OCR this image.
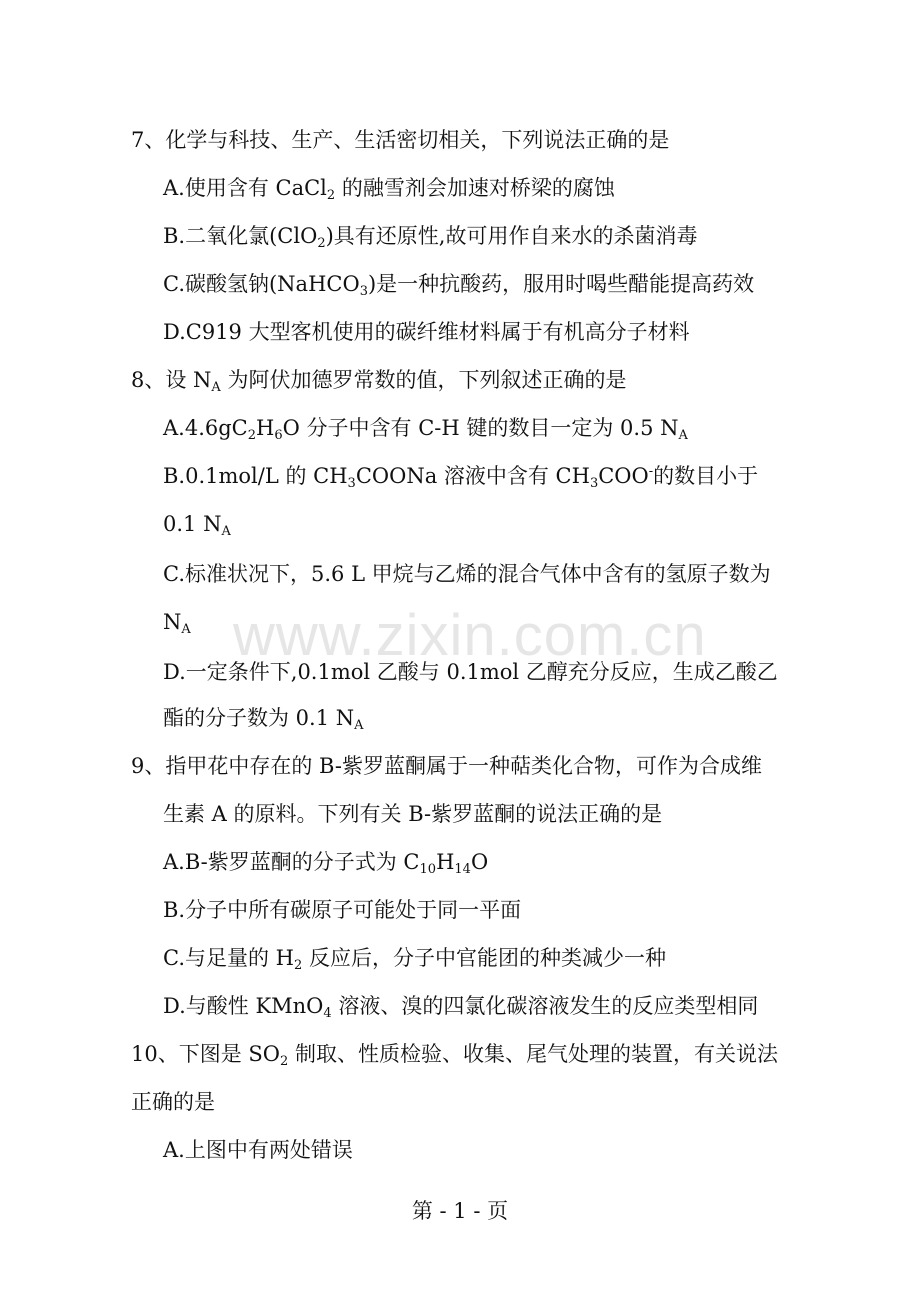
www.zixin.com.cn
7、化学与科技、生产、生活密切相关，下列说法正确的是
A.使用含有 CaCl$_2$ 的融雪剂会加速对桥梁的腐蚀
B.二氧化氯(ClO$_2$)具有还原性,故可用作自来水的杀菌消毒
C.碳酸氢钠(NaHCO$_3$)是一种抗酸药，服用时喝些醋能提高药效
D.C919 大型客机使用的碳纤维材料属于有机高分子材料
8、设 $N_A$ 为阿伏加德罗常数的值，下列叙述正确的是
$A.4.6gC_2H_6O$ 分子中含有 C-H 键的数目一定为 0.5 $N_A$
B.0.1mol/L 的 $CH_3COONa$ 溶液中含有 $CH_3COO^-$的数目小于
0.1 $N_A$
C.标准状况下，5.6 L 甲烷与乙烯的混合气体中含有的氢原子数为
$N_A$
D.一定条件下,0.1mol 乙酸与 0.1mol 乙醇充分反应，生成乙酸乙
酯的分子数为 0.1 $N_A$
9、指甲花中存在的 B-紫罗蓝酮属于一种萜类化合物，可作为合成维
生素 A 的原料。下列有关 B-紫罗蓝酮的说法正确的是
A.B-紫罗蓝酮的分子式为 $C_{10}H_{14}O$
B.分子中所有碳原子可能处于同一平面
C.与足量的 $H_2$ 反应后，分子中官能团的种类减少一种
D.与酸性 KMnO$_4$ 溶液、溴的四氯化碳溶液发生的反应类型相同
10、下图是 $SO_2$ 制取、性质检验、收集、尾气处理的装置，有关说法
正确的是
A.上图中有两处错误
第 - 1 - 页
